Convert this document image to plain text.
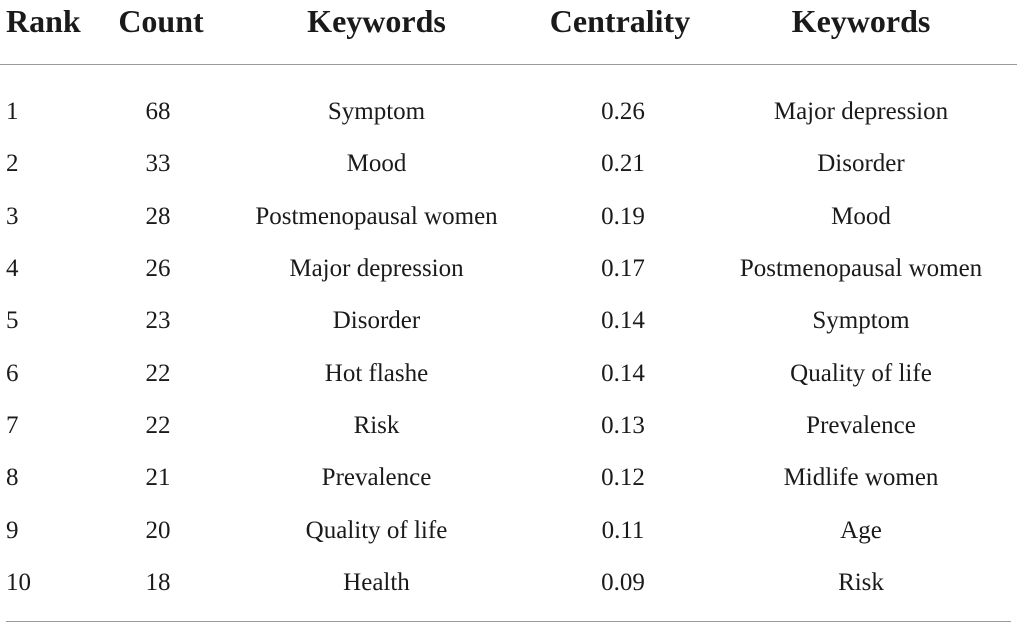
Rank	Count	Keywords	Centrality	Keywords

1	68	Symptom	0.26	Major depression
2	33	Mood	0.21	Disorder
3	28	Postmenopausal women	0.19	Mood
4	26	Major depression	0.17	Postmenopausal women
5	23	Disorder	0.14	Symptom
6	22	Hot flashe	0.14	Quality of life
7	22	Risk	0.13	Prevalence
8	21	Prevalence	0.12	Midlife women
9	20	Quality of life	0.11	Age
10	18	Health	0.09	Risk
